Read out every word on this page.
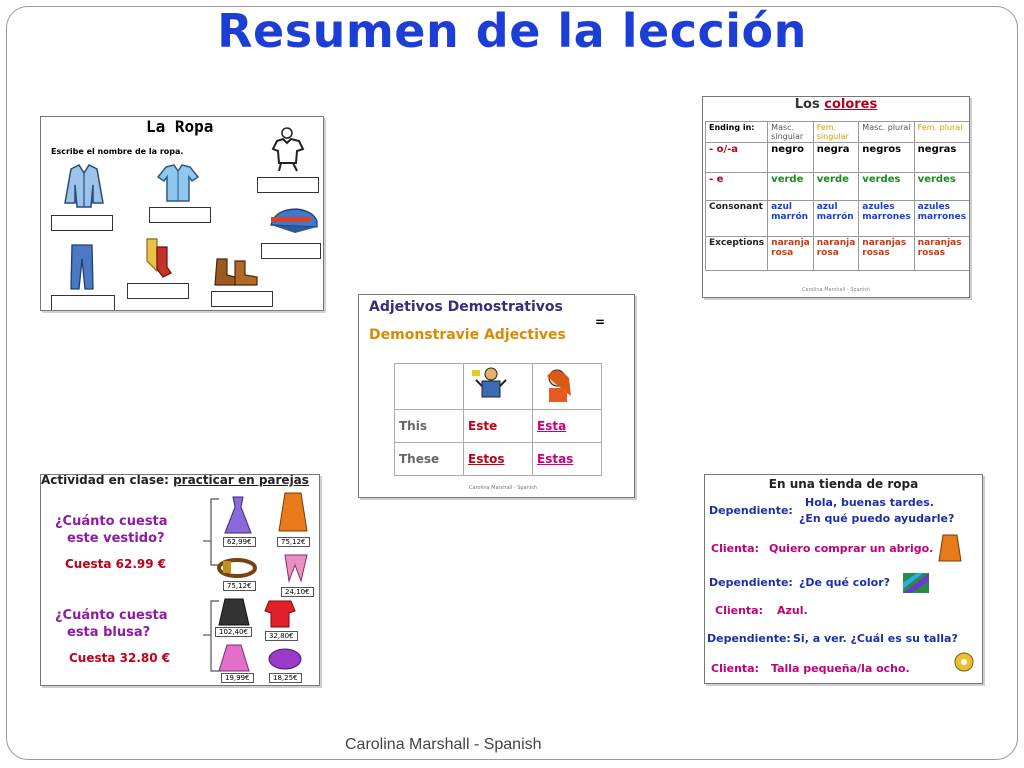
Resumen de la lección
La Ropa
Escribe el nombre de la ropa.
Los colores
Ending in:	Masc. singular	Fem. singular	Masc. plural	Fem. plural
- o/-a	negro	negra	negros	negras
- e	verde	verde	verdes	verdes
Consonant	azul marrón	azul marrón	azules marrones	azules marrones
Exceptions	naranja rosa	naranja rosa	naranjas rosas	naranjas rosas
Carolina Marshall - Spanish
Adjetivos Demostrativos
Demonstravie Adjectives
=

This	Este	Esta
These	Estos	Estas
Carolina Marshall - Spanish
Actividad en clase: practicar en parejas
¿Cuánto cuesta
este vestido?
Cuesta 62.99 €
¿Cuánto cuesta
esta blusa?
Cuesta 32.80 €
62,99€	75,12€
75,12€
24,10€
102,40€	32,80€
19,99€	18,25€
En una tienda de ropa
Dependiente:
Hola, buenas tardes.
¿En qué puedo ayudarle?
Clienta: Quiero comprar un abrigo.
Dependiente: ¿De qué color?
Clienta: Azul.
Dependiente: Si, a ver. ¿Cuál es su talla?
Clienta: Talla pequeña/la ocho.
Carolina Marshall - Spanish
